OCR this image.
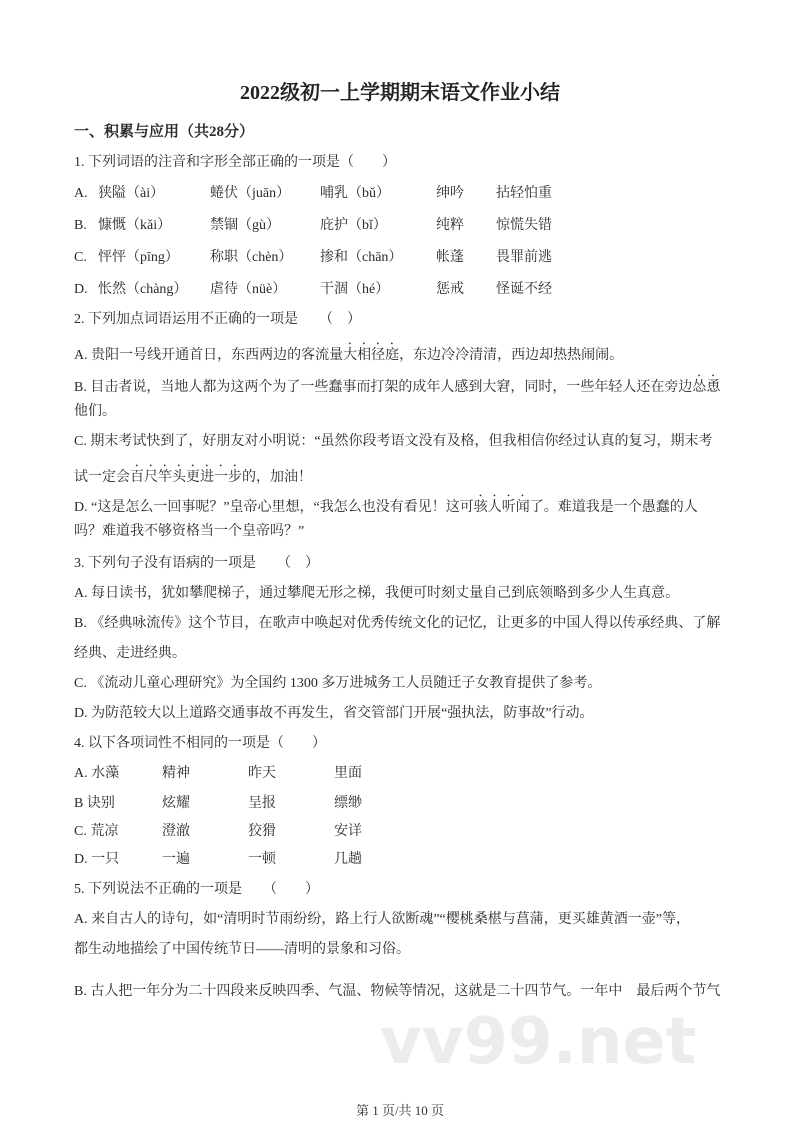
2022级初一上学期期末语文作业小结
一、积累与应用（共28分）
1. 下列词语的注音和字形全部正确的一项是（　　）
A. 狭隘（ài）	蜷伏（juān） 哺乳（bǔ）	绅吟 拈轻怕重
B. 慷慨（kǎi）	禁锢（gù）	庇护（bǐ）	纯粹 惊慌失错
C. 怦怦（pīng） 称职（chèn） 掺和（chān） 帐蓬 畏罪前逃
D. 怅然（chàng） 虐待（nüè） 干涸（hé）	惩戒 怪诞不经
2. 下列加点词语运用不正确的一项是　　（　）
A. 贵阳一号线开通首日，东西两边的客流量大相径庭，东边冷冷清清，西边却热热闹闹。
B. 目击者说，当地人都为这两个为了一些蠢事而打架的成年人感到大窘，同时，一些年轻人还在旁边怂恿
他们。
C. 期末考试快到了，好朋友对小明说：“虽然你段考语文没有及格，但我相信你经过认真的复习，期末考
试一定会百尺竿头更进一步的，加油！
D. “这是怎么一回事呢？”皇帝心里想，“我怎么也没有看见！这可骇人听闻了。难道我是一个愚蠢的人
吗？难道我不够资格当一个皇帝吗？”
3. 下列句子没有语病的一项是　　（　）
A. 每日读书，犹如攀爬梯子，通过攀爬无形之梯，我便可时刻丈量自己到底领略到多少人生真意。
B. 《经典咏流传》这个节目，在歌声中唤起对优秀传统文化的记忆，让更多的中国人得以传承经典、了解
经典、走进经典。
C. 《流动儿童心理研究》为全国约 1300 多万进城务工人员随迁子女教育提供了参考。
D. 为防范较大以上道路交通事故不再发生，省交管部门开展“强执法，防事故”行动。
4. 以下各项词性不相同的一项是（　　）
A. 水藻	精神	昨天	里面
B 诀别	炫耀	呈报	缥缈
C. 荒凉	澄澈	狡猾	安详
D. 一只	一遍	一顿	几趟
5. 下列说法不正确的一项是　　（　　）
A. 来自古人的诗句，如“清明时节雨纷纷，路上行人欲断魂”“樱桃桑椹与菖蒲，更买雄黄酒一壶”等，
都生动地描绘了中国传统节日——清明的景象和习俗。
B. 古人把一年分为二十四段来反映四季、气温、物候等情况，这就是二十四节气。一年中　最后两个节气
vv99.net
第 1 页/共 10 页
